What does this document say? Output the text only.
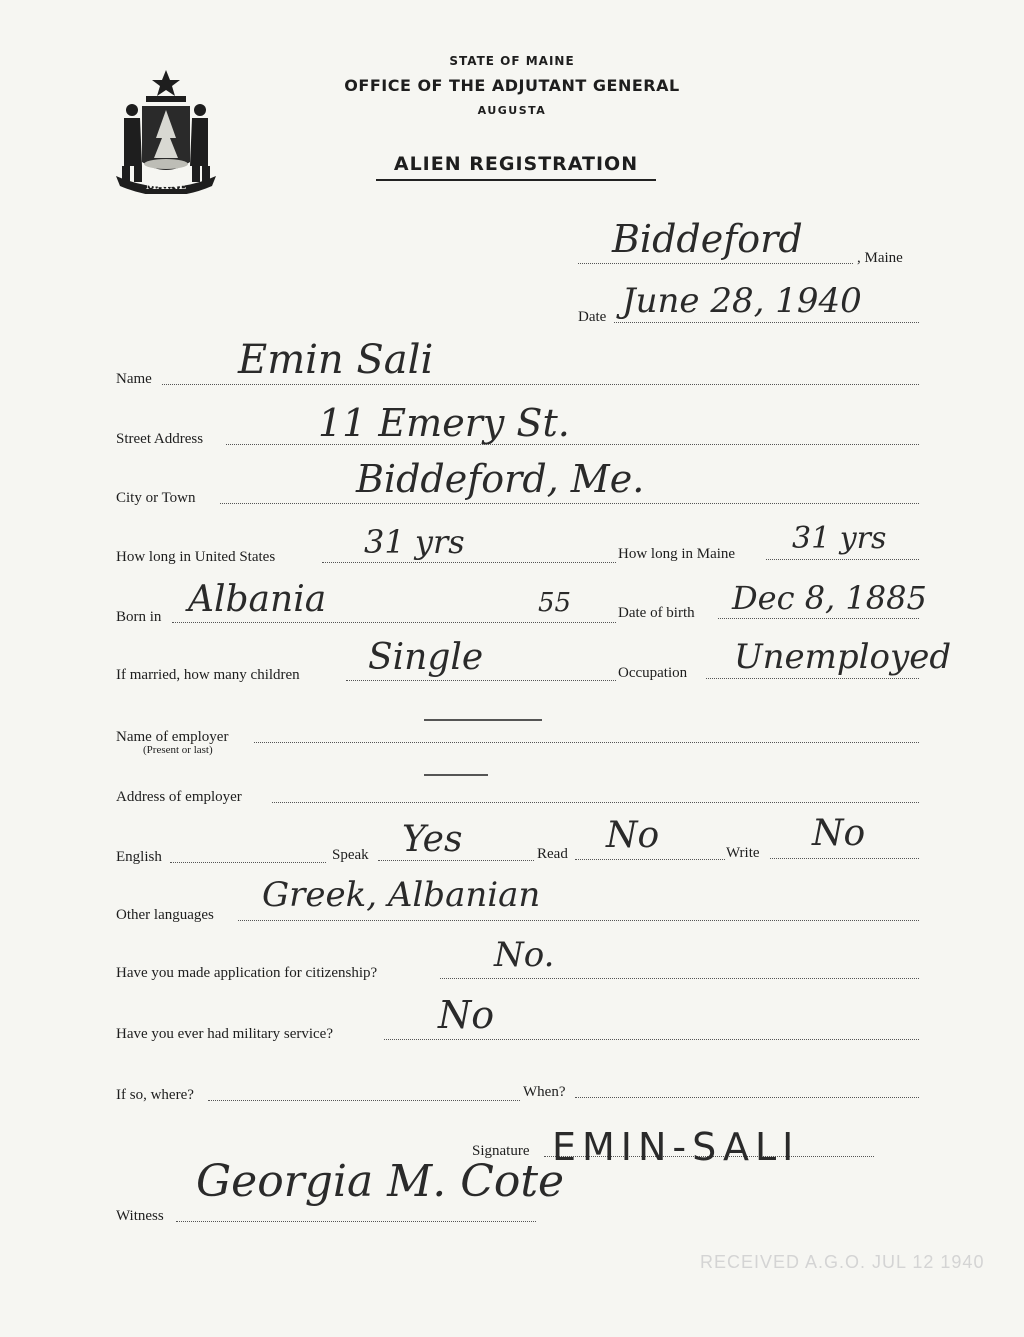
MAINE
STATE OF MAINE
OFFICE OF THE ADJUTANT GENERAL
AUGUSTA
ALIEN REGISTRATION
, Maine
Biddeford
Date June 28, 1940
Name Emin Sali
Street Address	11 Emery St.
City or Town	Biddeford, Me.
How long in United States	31 yrs	How long in Maine 31 yrs
Born in Albania	55	Date of birth Dec 8, 1885
If married, how many children Single	Occupation Unemployed
Name of employer
(Present or last)
Address of employer
English	Speak Yes	Read No	Write No
Other languages Greek, Albanian
Have you made application for citizenship?	No.
Have you ever had military service?	No
If so, where?	When?
Signature EMIN-SALI
Witness
Georgia M. Cote
RECEIVED A.G.O. JUL 12 1940
